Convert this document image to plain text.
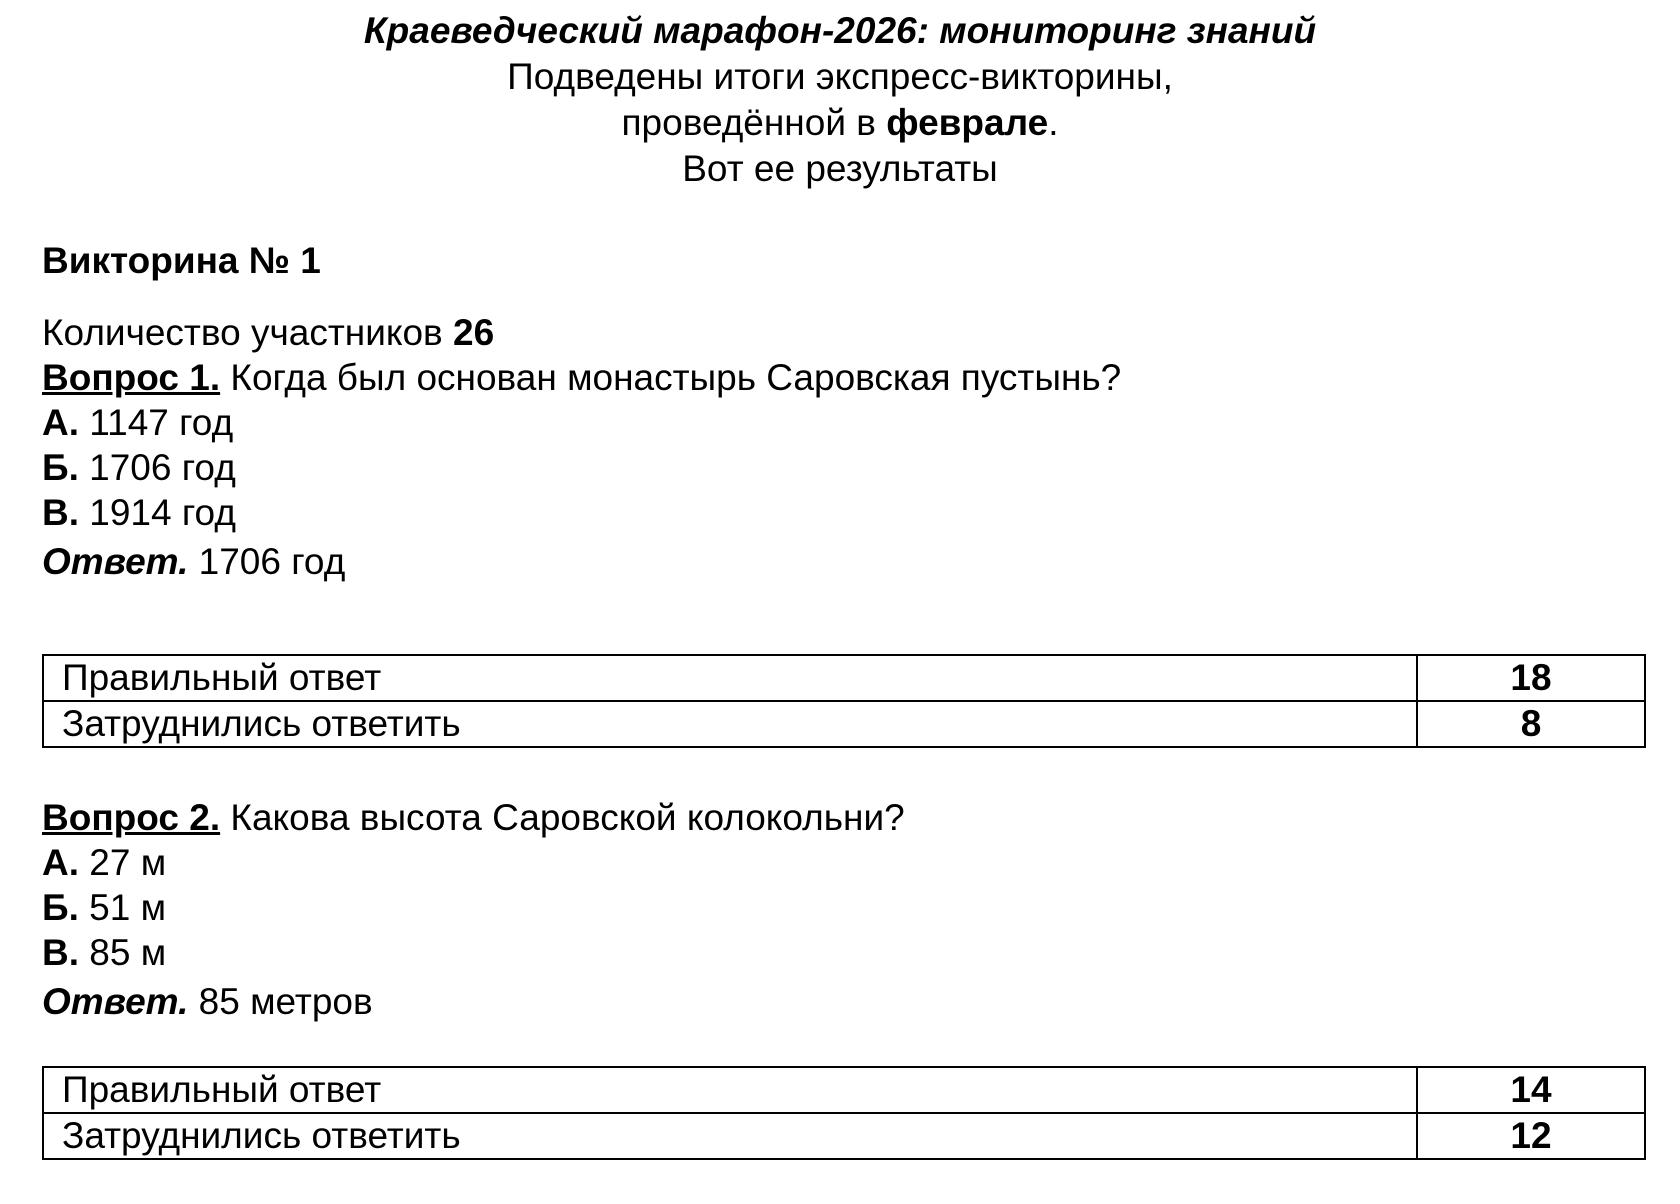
Краеведческий марафон-2026: мониторинг знаний
Подведены итоги экспресс-викторины,
проведённой в феврале.
Вот ее результаты
Викторина № 1
Количество участников 26
Вопрос 1. Когда был основан монастырь Саровская пустынь?
А. 1147 год
Б. 1706 год
В. 1914 год
Ответ. 1706 год
Правильный ответ	18
Затруднились ответить	8
Вопрос 2. Какова высота Саровской колокольни?
А. 27 м
Б. 51 м
В. 85 м
Ответ. 85 метров
Правильный ответ	14
Затруднились ответить	12
